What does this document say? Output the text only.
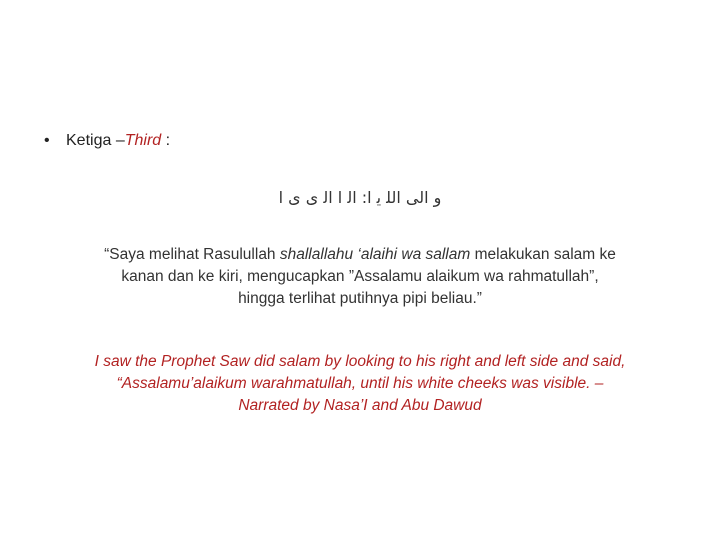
• Ketiga –Third :
و الى اﻟﻠ ﻳ ا: اﻟ ا اﻟ ى ى ا
“Saya melihat Rasulullah shallallahu ‘alaihi wa sallam melakukan salam ke
kanan dan ke kiri, mengucapkan ”Assalamu alaikum wa rahmatullah”,
hingga terlihat putihnya pipi beliau.”
I saw the Prophet Saw did salam by looking to his right and left side and said,
“Assalamu’alaikum warahmatullah, until his white cheeks was visible. –
Narrated by Nasa’I and Abu Dawud
